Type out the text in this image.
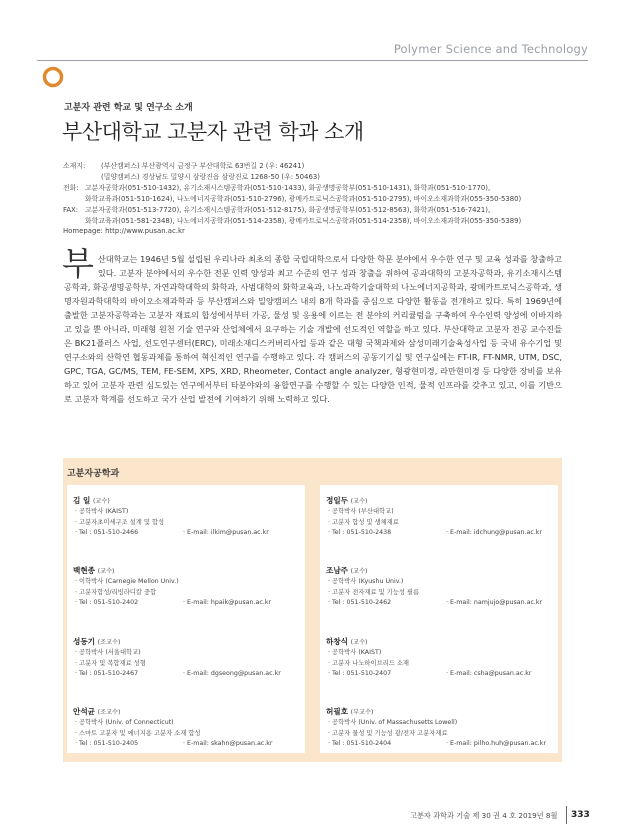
Polymer Science and Technology
고분자 관련 학교 및 연구소 소개
부산대학교 고분자 관련 학과 소개
소재지:	(부산캠퍼스) 부산광역시 금정구 부산대학로 63번길 2 (우: 46241)
(밀양캠퍼스) 경상남도 밀양시 삼랑진읍 삼랑진로 1268-50 (우: 50463)
전화: 고분자공학과(051-510-1432), 유기소재시스템공학과(051-510-1433), 화공생명공학부(051-510-1431), 화학과(051-510-1770),
화학교육과(051-510-1624), 나노에너지공학과(051-510-2796), 광메카트로닉스공학과(051-510-2795), 바이오소재과학과(055-350-5380)
FAX:	고분자공학과(051-513-7720), 유기소재시스템공학과(051-512-8175), 화공생명공학부(051-512-8563), 화학과(051-516-7421),
화학교육과(051-581-2348), 나노에너지공학과(051-514-2358), 광메카트로닉스공학과(051-514-2358), 바이오소재과학과(055-350-5389)
Homepage:
http://www.pusan.ac.kr
부 산대학교는 1946년 5월 설립된 우리나라 최초의 종합 국립대학으로서 다양한 학문 분야에서 우수한 연구 및 교육 성과를 창출하고 있다. 고분자 분야에서의 우수한 전문 인력 양성과 최고 수준의 연구 성과 창출을 위하여 공과대학의 고분자공학과, 유기소재시스템공학과, 화공생명공학부, 자연과학대학의 화학과, 사범대학의 화학교육과, 나노과학기술대학의 나노에너지공학과, 광메카트로닉스공학과, 생명자원과학대학의 바이오소재과학과 등 부산캠퍼스와 밀양캠퍼스 내의 8개 학과를 중심으로 다양한 활동을 전개하고 있다. 특히 1969년에 출발한 고분자공학과는 고분자 재료의 합성에서부터 가공, 물성 및 응용에 이르는 전 분야의 커리큘럼을 구축하여 우수인력 양성에 이바지하고 있을 뿐 아니라, 미래형 원천 기술 연구와 산업체에서 요구하는 기술 개발에 선도적인 역할을 하고 있다. 부산대학교 고분자 전공 교수진들은 BK21플러스 사업, 선도연구센터(ERC), 미래소재디스커버리사업 등과 같은 대형 국책과제와 삼성미래기술육성사업 등 국내 유수기업 및 연구소와의 산학연 협동과제를 통하여 혁신적인 연구를 수행하고 있다. 각 캠퍼스의 공동기기실 및 연구실에는 FT-IR, FT-NMR, UTM, DSC, GPC, TGA, GC/MS, TEM, FE-SEM, XPS, XRD, Rheometer, Contact angle analyzer, 형광현미경, 라만현미경 등 다양한 장비를 보유하고 있어 고분자 관련 심도있는 연구에서부터 타분야와의 융합연구를 수행할 수 있는 다양한 인적, 물적 인프라를 갖추고 있고, 이를 기반으로 고분자 학계를 선도하고 국가 산업 발전에 기여하기 위해 노력하고 있다.

고분자공학과
김 일 (교수)
· 공학박사 (KAIST)
· 고분자초미세구조 설계 및 합성
· Tel : 051-510-2466	· E-mail: ilkim@pusan.ac.kr
백현종 (교수)
· 이학박사 (Carnegie Mellon Univ.)
· 고분자합성/리빙라디칼 중합
· Tel : 051-510-2402	· E-mail: hpaik@pusan.ac.kr
성동기 (조교수)
· 공학박사 (서울대학교)
· 고분자 및 복합재료 성형
· Tel : 051-510-2467	· E-mail: dgseong@pusan.ac.kr
안석균 (조교수)
· 공학박사 (Univ. of Connecticut)
· 스마트 고분자 및 에너지용 고분자 소재 합성
· Tel : 051-510-2405	· E-mail: skahn@pusan.ac.kr
정일두 (교수)
· 공학박사 (부산대학교)
· 고분자 합성 및 생체재료
· Tel : 051-510-2438	· E-mail: idchung@pusan.ac.kr
조남주 (교수)
· 공학박사 (Kyushu Univ.)
· 고분자 전자재료 및 기능성 필름
· Tel : 051-510-2462	· E-mail: namjujo@pusan.ac.kr
하창식 (교수)
· 공학박사 (KAIST)
· 고분자 나노하이브리드 소재
· Tel : 051-510-2407	· E-mail: csha@pusan.ac.kr
허필호 (부교수)
· 공학박사 (Univ. of Massachusetts Lowell)
· 고분자 물성 및 기능성 광/전자 고분자재료
· Tel : 051-510-2404	· E-mail: pilho.huh@pusan.ac.kr
고분자 과학과 기술 제 30 권 4 호 2019년 8월 333
